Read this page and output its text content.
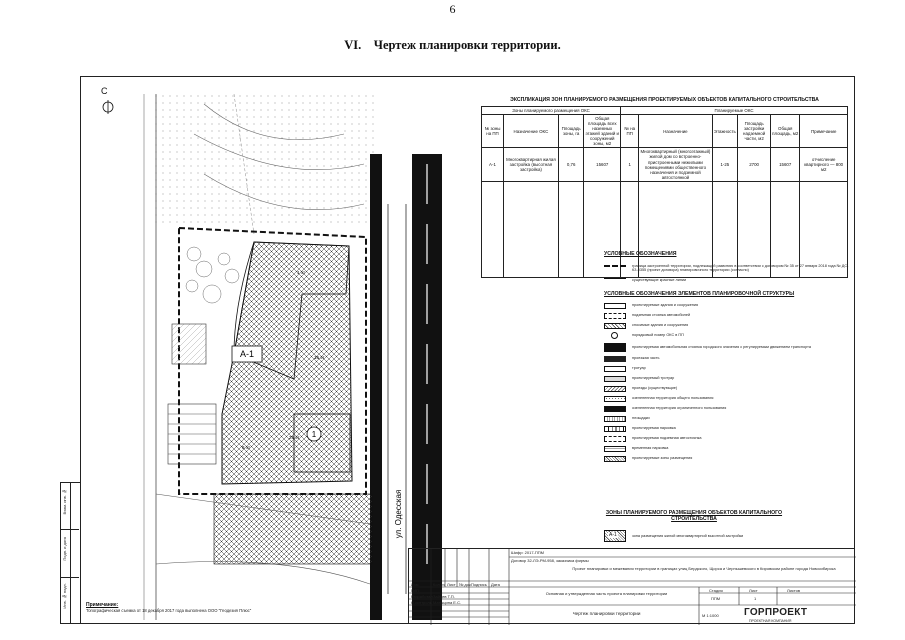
6
VI.    Чертеж планировки территории.
С
А-1
1
1 эт
16 эт
8 эт
25 эт
ул. Одесская
ЭКСПЛИКАЦИЯ ЗОН ПЛАНИРУЕМОГО РАЗМЕЩЕНИЯ ПРОЕКТИРУЕМЫХ ОБЪЕКТОВ КАПИТАЛЬНОГО СТРОИТЕЛЬСТВА									
Зоны планируемого размещения ОКС				Планируемые ОКС					
№ зоны на ПП	Назначение ОКС	Площадь зоны, га	Общая площадь всех наземных этажей зданий и сооружений зоны, м2	№ на ПП	Назначение	Этажность	Площадь застройки надземной части, м2	Общая площадь, м2	Примечание
А-1	Многоквартирная жилая застройка (высотная застройка)	0,76	15607	1	Многоквартирный (многоэтажный) жилой дом со встроенно-пристроенными нежилыми помещениями общественного назначения и подземной автостоянкой	1-25	2700	15607	отчисление квартирного — 800 м2

УСЛОВНЫЕ ОБОЗНАЧЕНИЯ
граница застроенной территории, подлежащей развитию в соответствии с договором № 35 от 27 января 2018 года № ДС-КЗ-0355 (проект договора) планировочного территории (согласно)
существующие красные линии
УСЛОВНЫЕ ОБОЗНАЧЕНИЯ ЭЛЕМЕНТОВ ПЛАНИРОВОЧНОЙ СТРУКТУРЫ
проектируемые здания и сооружения
подземная стоянка автомобилей
сносимые здания и сооружения
порядковый номер ОКС в ПП
проектируемая автомобильная стоянка городского значения с регулируемым движением транспорта
проезжая часть
тротуар
проектируемый тротуар
проезды (существующие)
озелененная территория общего пользования
озелененная территория ограниченного пользования
площадки
проектируемая парковка
проектируемая подземная автостоянка
временная парковка
проектируемые зоны размещения
ЗОНЫ ПЛАНИРУЕМОГО РАЗМЕЩЕНИЯ ОБЪЕКТОВ КАПИТАЛЬНОГО СТРОИТЕЛЬСТВА
А-1	зона размещения жилой многоквартирной высотной застройки
Шифр: 2017-ППМ
Договор 32-ЛЭ-РМ-958, заказчика фирмы
Проект планировки и межевания территории в границах улиц Бердского, Щорса и Чернышевского в Кировском районе города Новосибирска
Изм.	Кол.уч Лист № док Подпись Дата
ГИП
Разработал
Н.контроль
Зайцев Т.П.
Матыцина Е.С.
Основная и утвержденная часть проекта планировки территории
Чертеж планировки территории
Стадия	Лист	Листов
ППМ	1
М 1:1000	ГОРПРОЕКТ
ПРОЕКТНАЯ КОМПАНИЯ
Примечание:
Топографическая съемка от 18 декабря 2017 года выполнена ООО "Геодезия Плюс"
Инв. № подл.
Подп. и дата
Взам. инв. №
